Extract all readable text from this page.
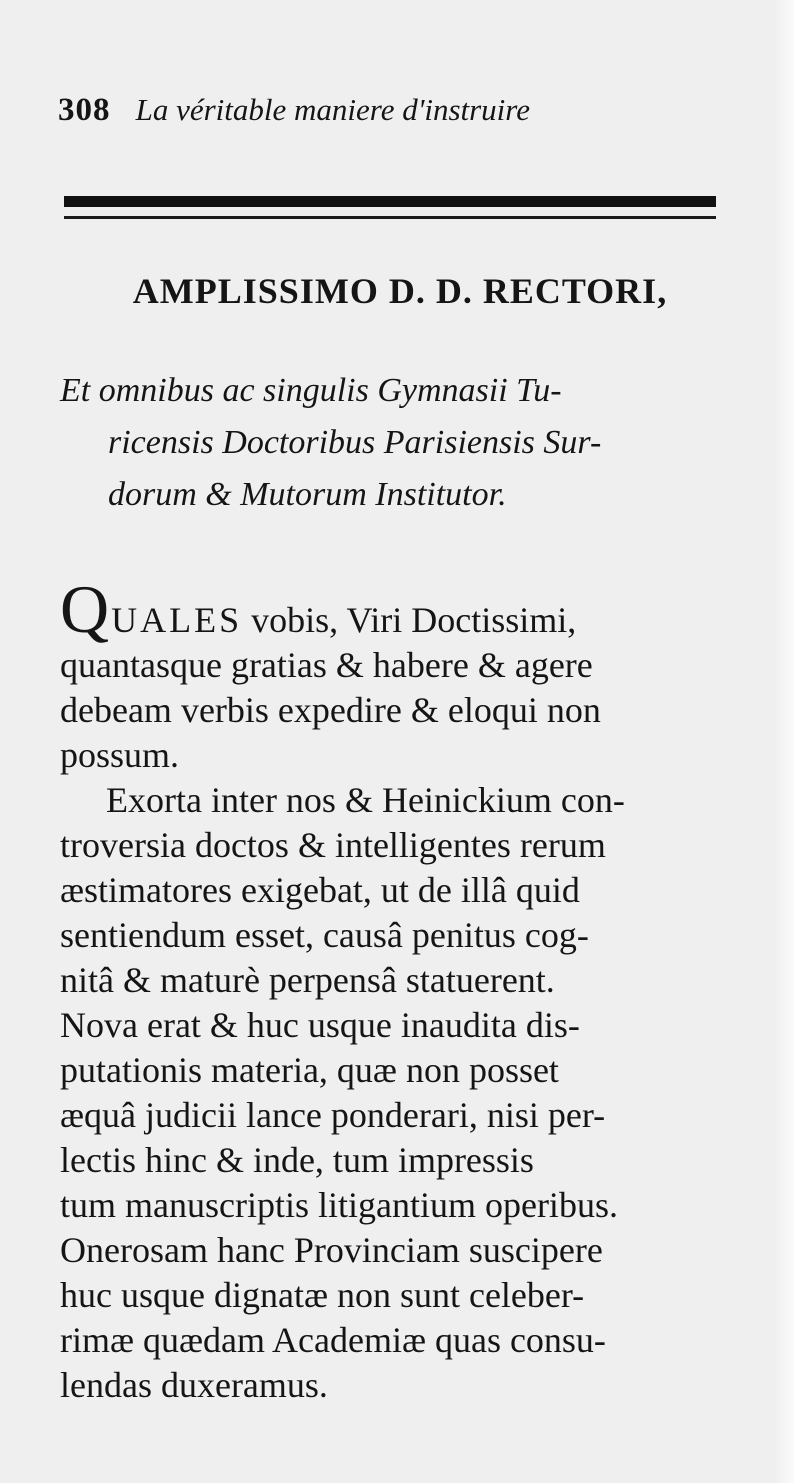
308 La véritable maniere d'instruire
AMPLISSIMO D. D. RECTORI,
Et omnibus ac singulis Gymnasii Tu-
ricensis Doctoribus Parisiensis Sur-
dorum & Mutorum Institutor.
QUALES vobis, Viri Doctissimi,
quantasque gratias & habere & agere
debeam verbis expedire & eloqui non
possum.
Exorta inter nos & Heinickium con-
troversia doctos & intelligentes rerum
æstimatores exigebat, ut de illâ quid
sentiendum esset, causâ penitus cog-
nitâ & maturè perpensâ statuerent.
Nova erat & huc usque inaudita dis-
putationis materia, quæ non posset
æquâ judicii lance ponderari, nisi per-
lectis hinc & inde, tum impressis
tum manuscriptis litigantium operibus.
Onerosam hanc Provinciam suscipere
huc usque dignatæ non sunt celeber-
rimæ quædam Academiæ quas consu-
lendas duxeramus.
